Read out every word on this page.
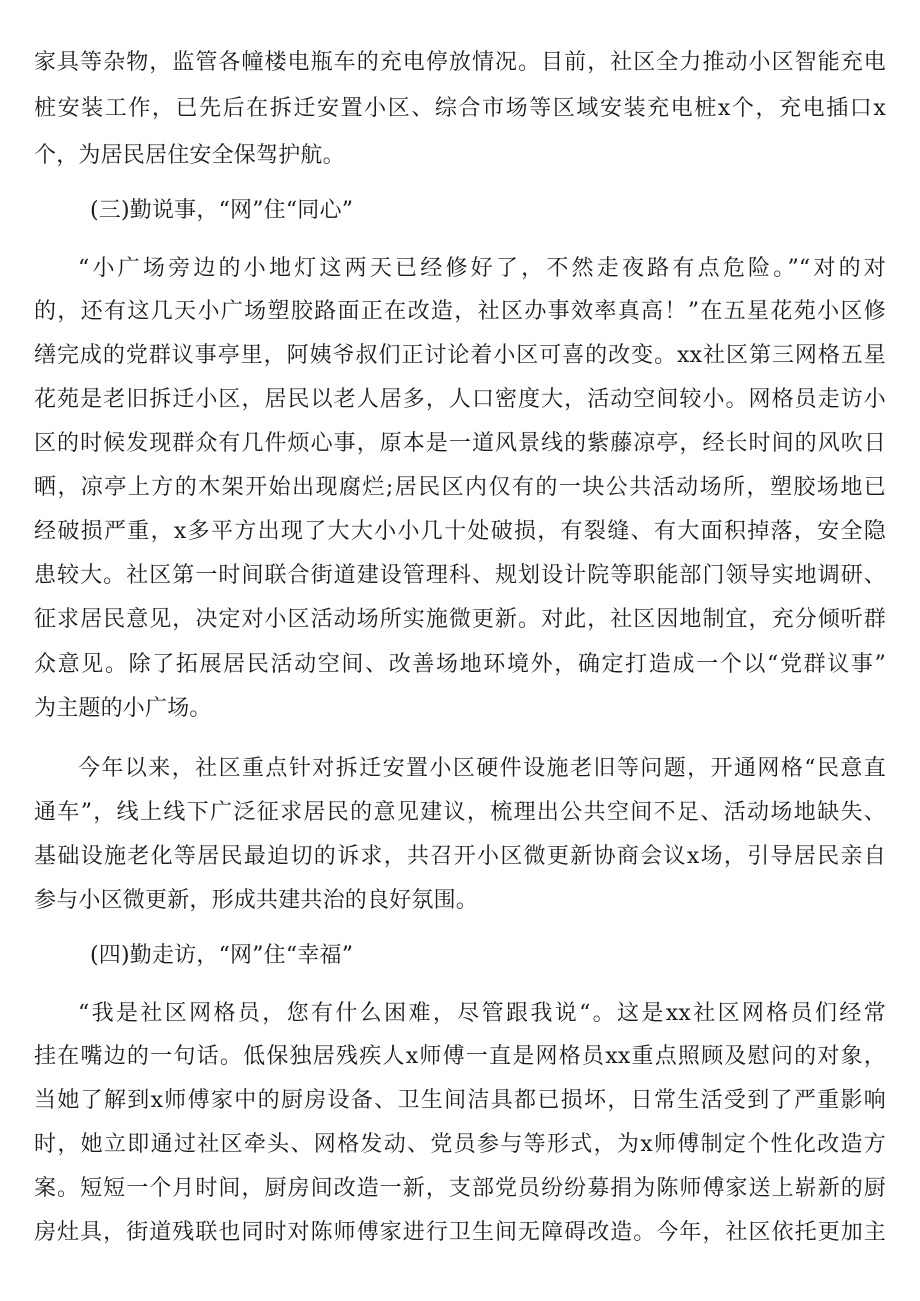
家具等杂物，监管各幢楼电瓶车的充电停放情况。目前，社区全力推动小区智能充电
桩安装工作，已先后在拆迁安置小区、综合市场等区域安装充电桩x个，充电插口x
个，为居民居住安全保驾护航。
(三)勤说事，“网”住“同心”
“小广场旁边的小地灯这两天已经修好了，不然走夜路有点危险。”“对的对
的，还有这几天小广场塑胶路面正在改造，社区办事效率真高！”在五星花苑小区修
缮完成的党群议事亭里，阿姨爷叔们正讨论着小区可喜的改变。xx社区第三网格五星
花苑是老旧拆迁小区，居民以老人居多，人口密度大，活动空间较小。网格员走访小
区的时候发现群众有几件烦心事，原本是一道风景线的紫藤凉亭，经长时间的风吹日
晒，凉亭上方的木架开始出现腐烂;居民区内仅有的一块公共活动场所，塑胶场地已
经破损严重，x多平方出现了大大小小几十处破损，有裂缝、有大面积掉落，安全隐
患较大。社区第一时间联合街道建设管理科、规划设计院等职能部门领导实地调研、
征求居民意见，决定对小区活动场所实施微更新。对此，社区因地制宜，充分倾听群
众意见。除了拓展居民活动空间、改善场地环境外，确定打造成一个以“党群议事”
为主题的小广场。
今年以来，社区重点针对拆迁安置小区硬件设施老旧等问题，开通网格“民意直
通车”，线上线下广泛征求居民的意见建议，梳理出公共空间不足、活动场地缺失、
基础设施老化等居民最迫切的诉求，共召开小区微更新协商会议x场，引导居民亲自
参与小区微更新，形成共建共治的良好氛围。
(四)勤走访，“网”住“幸福”
“我是社区网格员，您有什么困难，尽管跟我说“。这是xx社区网格员们经常
挂在嘴边的一句话。低保独居残疾人x师傅一直是网格员xx重点照顾及慰问的对象，
当她了解到x师傅家中的厨房设备、卫生间洁具都已损坏，日常生活受到了严重影响
时，她立即通过社区牵头、网格发动、党员参与等形式，为x师傅制定个性化改造方
案。短短一个月时间，厨房间改造一新，支部党员纷纷募捐为陈师傅家送上崭新的厨
房灶具，街道残联也同时对陈师傅家进行卫生间无障碍改造。今年，社区依托更加主
